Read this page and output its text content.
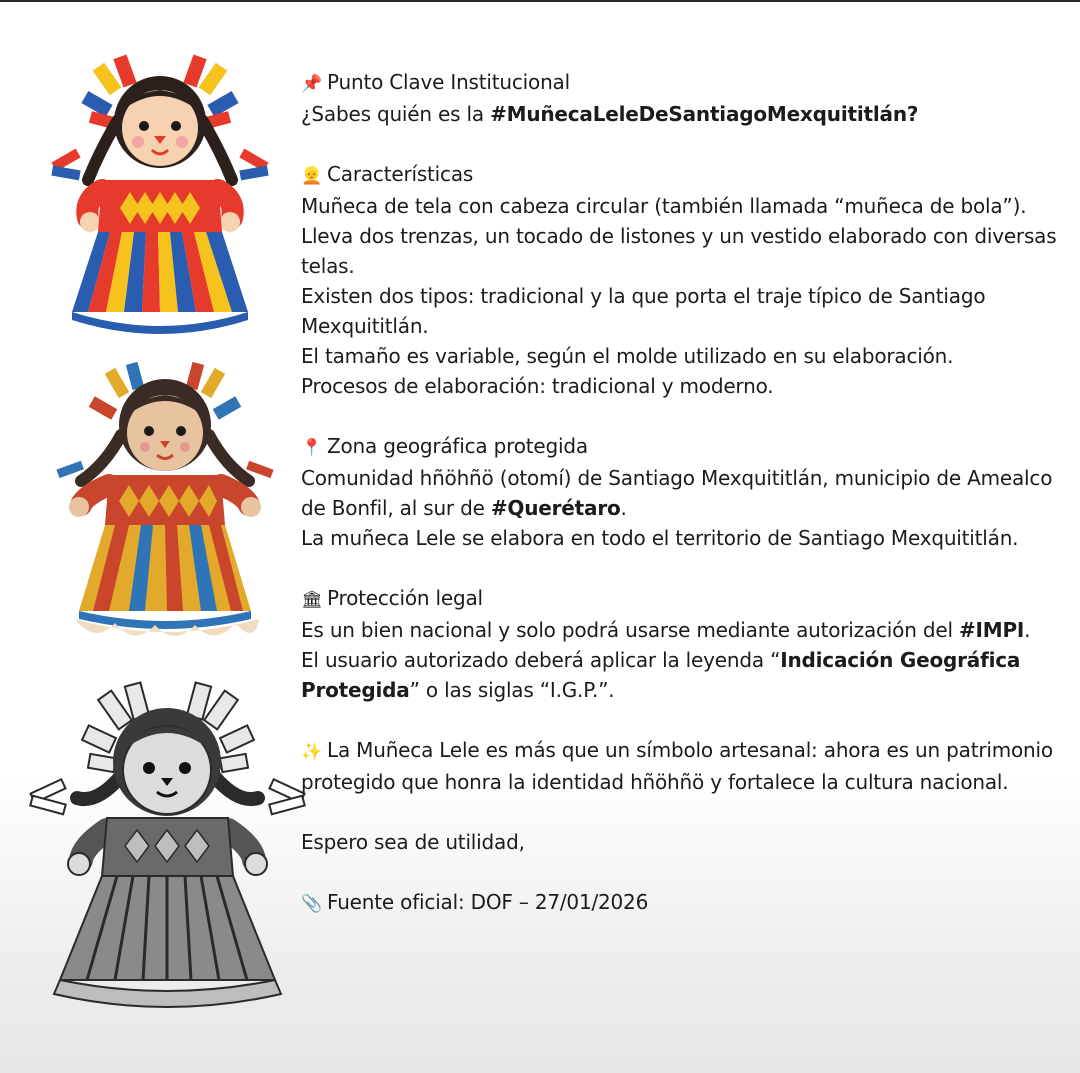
📌 Punto Clave Institucional

¿Sabes quién es la #MuñecaLeleDeSantiagoMexquititlán?

👱 Características

Muñeca de tela con cabeza circular (también llamada “muñeca de bola”).

Lleva dos trenzas, un tocado de listones y un vestido elaborado con diversas telas.

Existen dos tipos: tradicional y la que porta el traje típico de Santiago Mexquititlán.

El tamaño es variable, según el molde utilizado en su elaboración.

Procesos de elaboración: tradicional y moderno.

📍 Zona geográfica protegida

Comunidad hñöhñö (otomí) de Santiago Mexquititlán, municipio de Amealco de Bonfil, al sur de #Querétaro.

La muñeca Lele se elabora en todo el territorio de Santiago Mexquititlán.

🏛 Protección legal

Es un bien nacional y solo podrá usarse mediante autorización del #IMPI.

El usuario autorizado deberá aplicar la leyenda “Indicación Geográfica Protegida” o las siglas “I.G.P.”.

✨ La Muñeca Lele es más que un símbolo artesanal: ahora es un patrimonio protegido que honra la identidad hñöhñö y fortalece la cultura nacional.

Espero sea de utilidad,

📎 Fuente oficial: DOF – 27/01/2026
